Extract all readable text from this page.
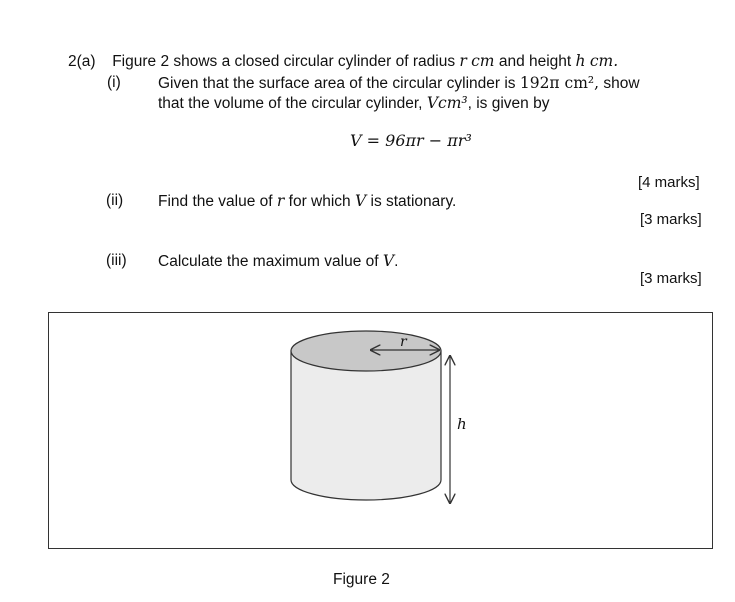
2(a) Figure 2 shows a closed circular cylinder of radius r cm and height h cm.
(i) Given that the surface area of the circular cylinder is 192π cm², show
that the volume of the circular cylinder, Vcm³, is given by
V = 96πr − πr³
[4 marks]
(ii) Find the value of r for which V is stationary.
[3 marks]
(iii) Calculate the maximum value of V.
[3 marks]
r
h
Figure 2
